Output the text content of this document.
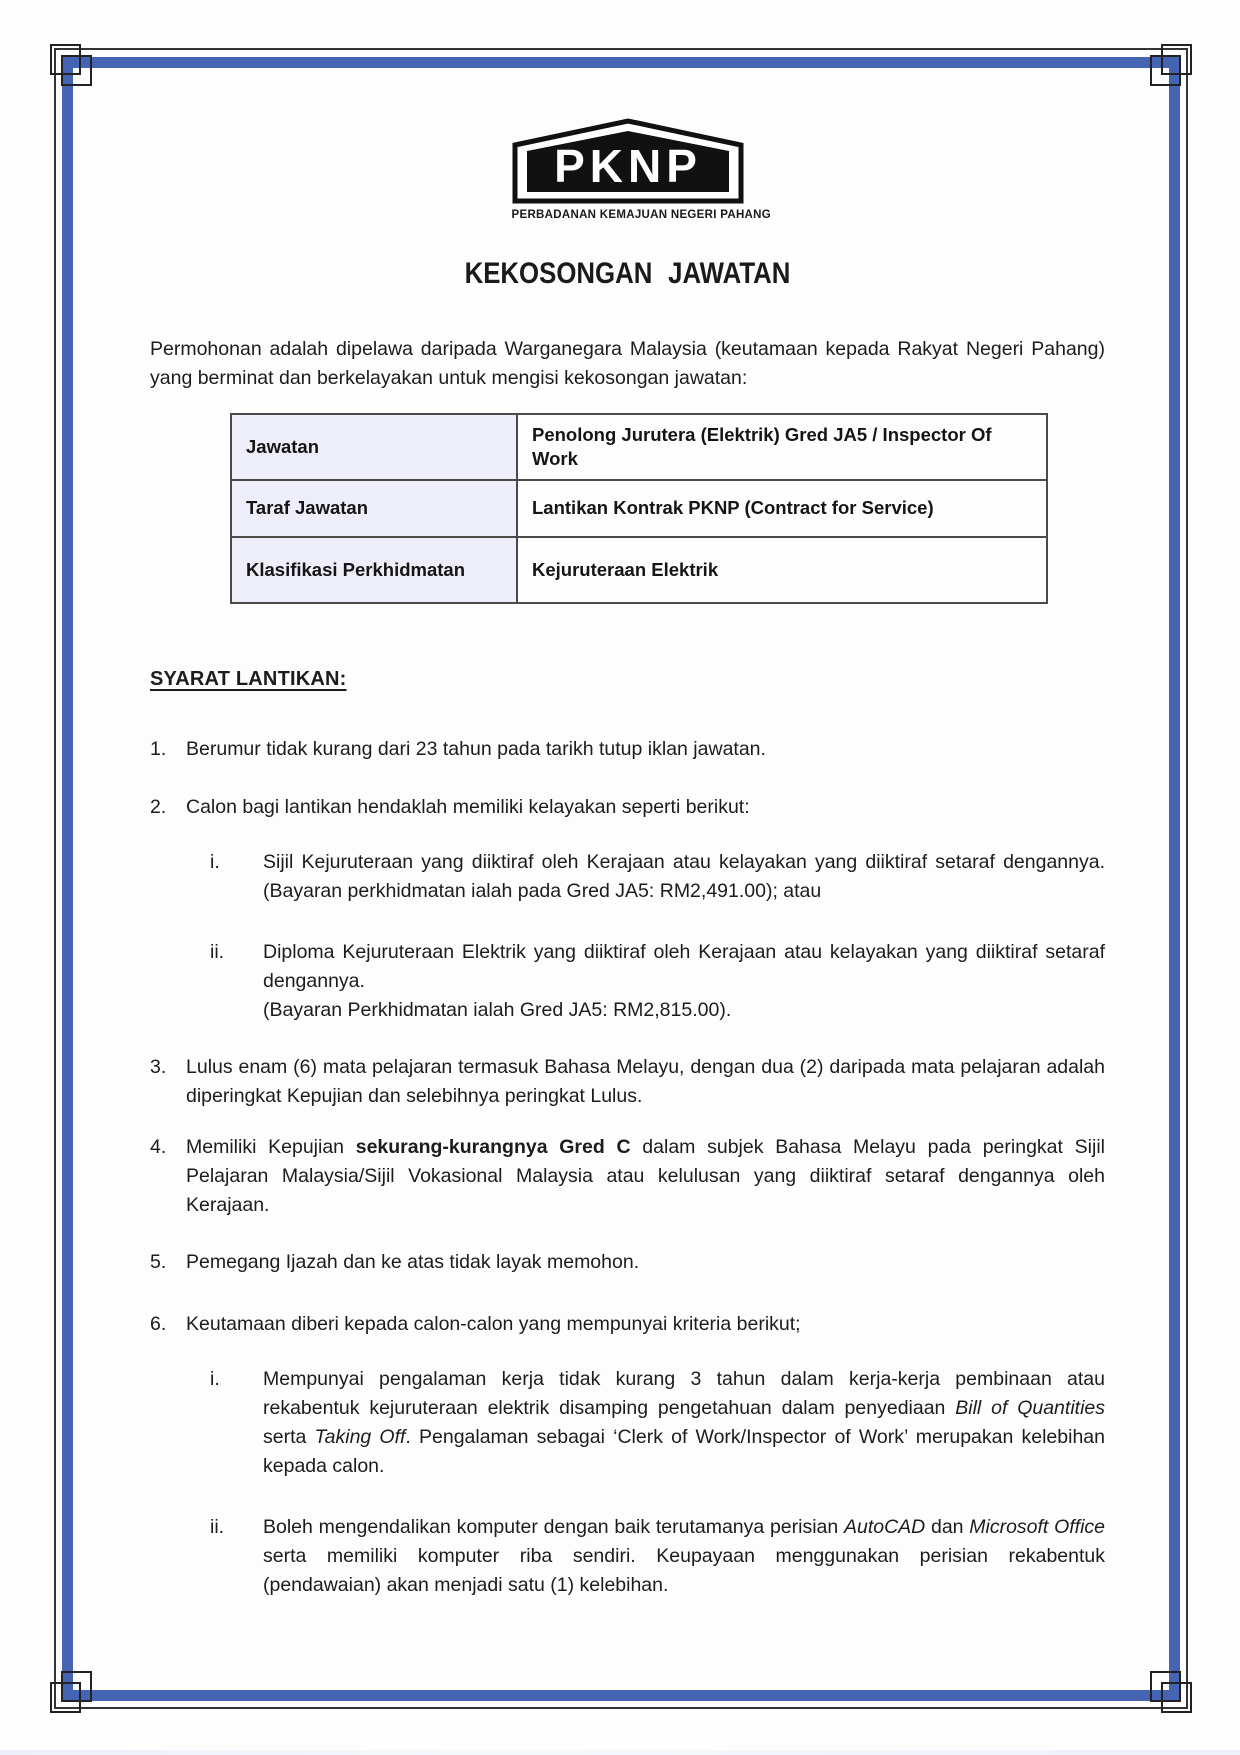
PKNP
PERBADANAN KEMAJUAN NEGERI PAHANG
KEKOSONGAN JAWATAN

Permohonan adalah dipelawa daripada Warganegara Malaysia (keutamaan kepada Rakyat Negeri Pahang) yang berminat dan berkelayakan untuk mengisi kekosongan jawatan:

Jawatan	Penolong Jurutera (Elektrik) Gred JA5 / Inspector Of Work
Taraf Jawatan	Lantikan Kontrak PKNP (Contract for Service)
Klasifikasi Perkhidmatan	Kejuruteraan Elektrik
SYARAT LANTIKAN:
1.	Berumur tidak kurang dari 23 tahun pada tarikh tutup iklan jawatan.

2.	Calon bagi lantikan hendaklah memiliki kelayakan seperti berikut:

i.	Sijil Kejuruteraan yang diiktiraf oleh Kerajaan atau kelayakan yang diiktiraf setaraf dengannya. (Bayaran perkhidmatan ialah pada Gred JA5: RM2,491.00); atau

ii.	Diploma Kejuruteraan Elektrik yang diiktiraf oleh Kerajaan atau kelayakan yang diiktiraf setaraf dengannya.
(Bayaran Perkhidmatan ialah Gred JA5: RM2,815.00).

3.	Lulus enam (6) mata pelajaran termasuk Bahasa Melayu, dengan dua (2) daripada mata pelajaran adalah diperingkat Kepujian dan selebihnya peringkat Lulus.

4.	Memiliki Kepujian sekurang-kurangnya Gred C dalam subjek Bahasa Melayu pada peringkat Sijil Pelajaran Malaysia/Sijil Vokasional Malaysia atau kelulusan yang diiktiraf setaraf dengannya oleh Kerajaan.

5.	Pemegang Ijazah dan ke atas tidak layak memohon.

6.	Keutamaan diberi kepada calon-calon yang mempunyai kriteria berikut;

i.	Mempunyai pengalaman kerja tidak kurang 3 tahun dalam kerja-kerja pembinaan atau rekabentuk kejuruteraan elektrik disamping pengetahuan dalam penyediaan Bill of Quantities serta Taking Off. Pengalaman sebagai ‘Clerk of Work/Inspector of Work’ merupakan kelebihan kepada calon.

ii.	Boleh mengendalikan komputer dengan baik terutamanya perisian AutoCAD dan Microsoft Office serta memiliki komputer riba sendiri. Keupayaan menggunakan perisian rekabentuk (pendawaian) akan menjadi satu (1) kelebihan.
